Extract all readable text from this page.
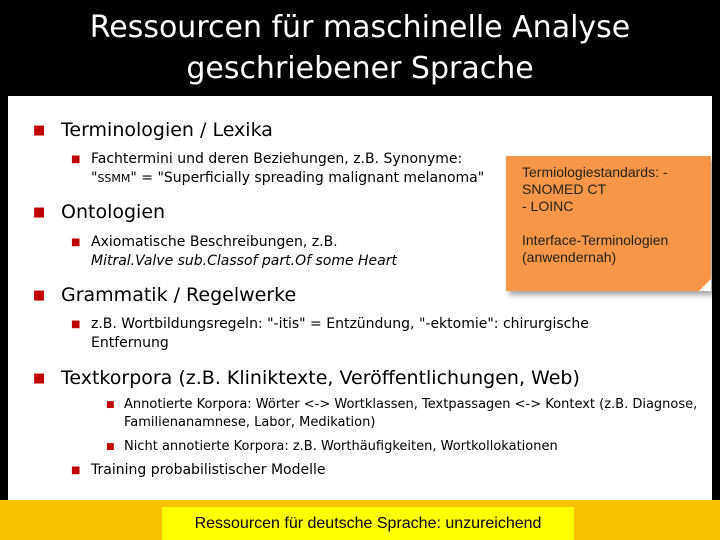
Ressourcen für maschinelle Analyse
geschriebener Sprache
■ Terminologien / Lexika
■ Fachtermini und deren Beziehungen, z.B. Synonyme:
"SSMM" = "Superficially spreading malignant melanoma"
■ Ontologien
■ Axiomatische Beschreibungen, z.B.
Mitral.Valve sub.Classof part.Of some Heart
■ Grammatik / Regelwerke
■ z.B. Wortbildungsregeln: "-itis" = Entzündung, "-ektomie": chirurgische
Entfernung
■ Textkorpora (z.B. Kliniktexte, Veröffentlichungen, Web)
■ Annotierte Korpora: Wörter <-> Wortklassen, Textpassagen <-> Kontext (z.B. Diagnose,
Familienanamnese, Labor, Medikation)
■ Nicht annotierte Korpora: z.B. Worthäufigkeiten, Wortkollokationen
■ Training probabilistischer Modelle
Termiologiestandards: -
SNOMED CT
- LOINC
Interface-Terminologien
(anwendernah)
Ressourcen für deutsche Sprache: unzureichend
